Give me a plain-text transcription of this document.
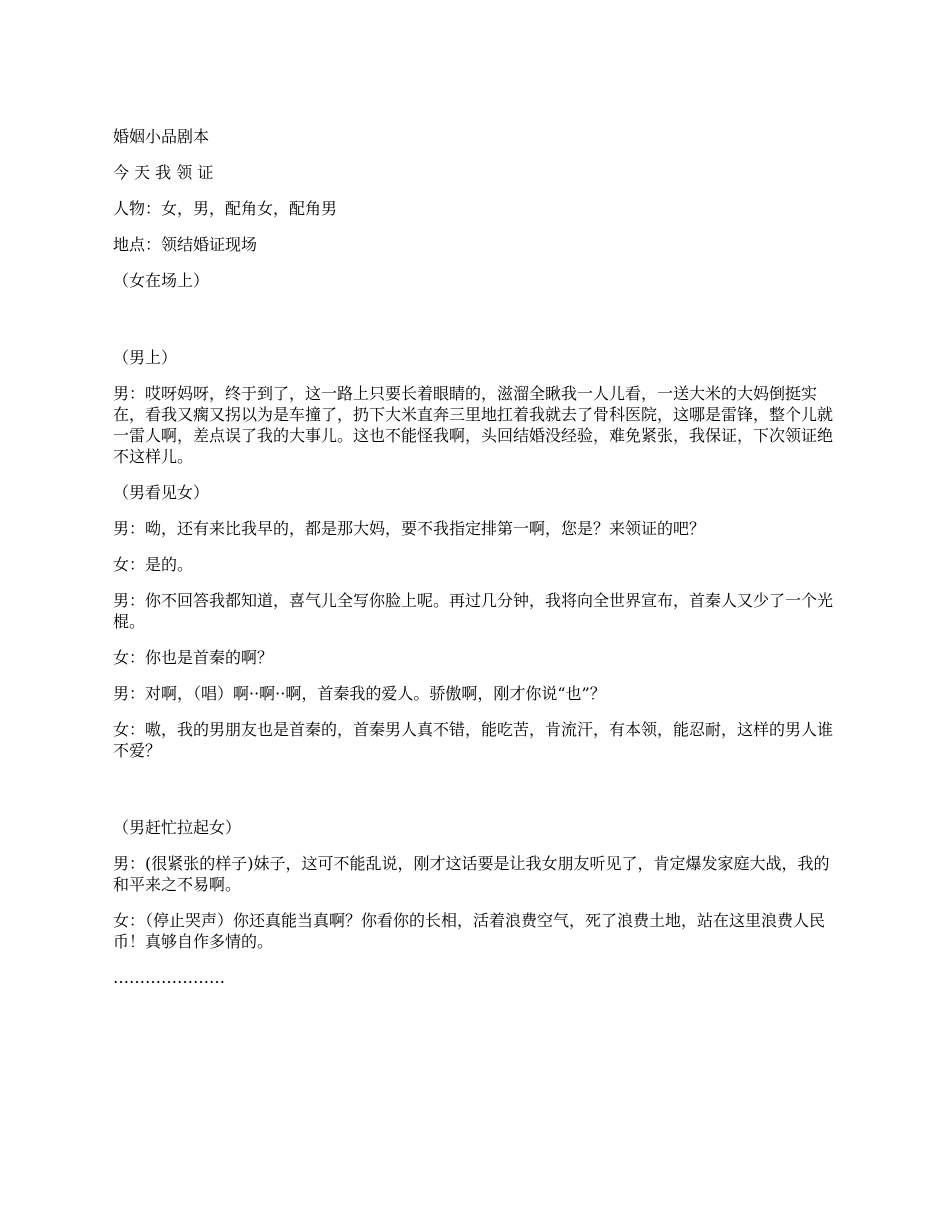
婚姻小品剧本

今 天 我 领 证

人物：女，男，配角女，配角男

地点：领结婚证现场

（女在场上）

（男上）

男：哎呀妈呀，终于到了，这一路上只要长着眼睛的，滋溜全瞅我一人儿看，一送大米的大妈倒挺实在，看我又瘸又拐以为是车撞了，扔下大米直奔三里地扛着我就去了骨科医院，这哪是雷锋，整个儿就一雷人啊，差点误了我的大事儿。这也不能怪我啊，头回结婚没经验，难免紧张，我保证，下次领证绝不这样儿。

（男看见女）

男：呦，还有来比我早的，都是那大妈，要不我指定排第一啊，您是？来领证的吧？

女：是的。

男：你不回答我都知道，喜气儿全写你脸上呢。再过几分钟，我将向全世界宣布，首秦人又少了一个光棍。

女：你也是首秦的啊？

男：对啊，（唱）啊··啊··啊，首秦我的爱人。骄傲啊，刚才你说“也”？

女：嗷，我的男朋友也是首秦的，首秦男人真不错，能吃苦，肯流汗，有本领，能忍耐，这样的男人谁不爱？

（男赶忙拉起女）

男：(很紧张的样子)妹子，这可不能乱说，刚才这话要是让我女朋友听见了，肯定爆发家庭大战，我的和平来之不易啊。

女：（停止哭声）你还真能当真啊？你看你的长相，活着浪费空气，死了浪费土地，站在这里浪费人民币！真够自作多情的。

…………………
